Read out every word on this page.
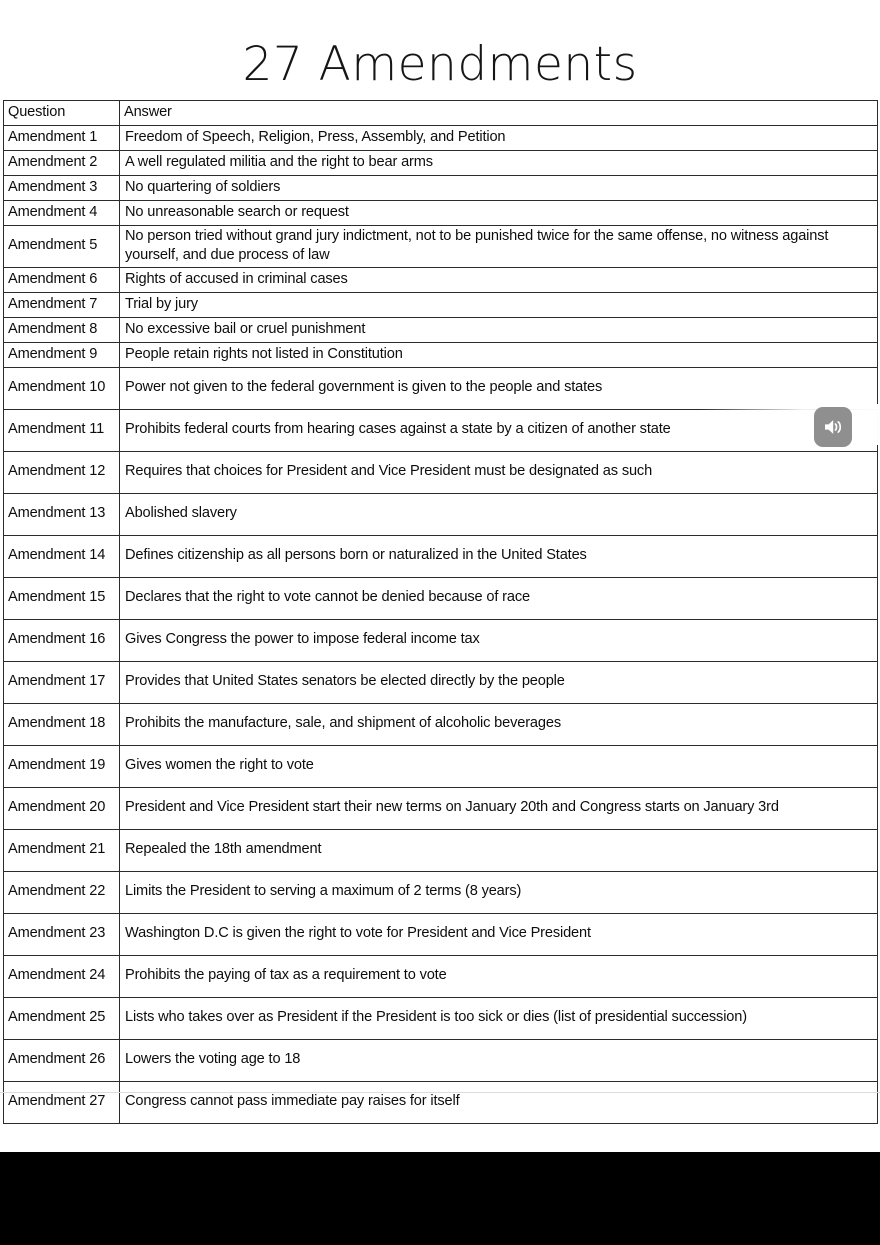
27 Amendments
Question	Answer
Amendment 1	Freedom of Speech, Religion, Press, Assembly, and Petition
Amendment 2	A well regulated militia and the right to bear arms
Amendment 3	No quartering of soldiers
Amendment 4	No unreasonable search or request
Amendment 5	No person tried without grand jury indictment, not to be punished twice for the same offense, no witness against yourself, and due process of law
Amendment 6	Rights of accused in criminal cases
Amendment 7	Trial by jury
Amendment 8	No excessive bail or cruel punishment
Amendment 9	People retain rights not listed in Constitution
Amendment 10	Power not given to the federal government is given to the people and states
Amendment 11	Prohibits federal courts from hearing cases against a state by a citizen of another state
Amendment 12	Requires that choices for President and Vice President must be designated as such
Amendment 13	Abolished slavery
Amendment 14	Defines citizenship as all persons born or naturalized in the United States
Amendment 15	Declares that the right to vote cannot be denied because of race
Amendment 16	Gives Congress the power to impose federal income tax
Amendment 17	Provides that United States senators be elected directly by the people
Amendment 18	Prohibits the manufacture, sale, and shipment of alcoholic beverages
Amendment 19	Gives women the right to vote
Amendment 20	President and Vice President start their new terms on January 20th and Congress starts on January 3rd
Amendment 21	Repealed the 18th amendment
Amendment 22	Limits the President to serving a maximum of 2 terms (8 years)
Amendment 23	Washington D.C is given the right to vote for President and Vice President
Amendment 24	Prohibits the paying of tax as a requirement to vote
Amendment 25	Lists who takes over as President if the President is too sick or dies (list of presidential succession)
Amendment 26	Lowers the voting age to 18
Amendment 27	Congress cannot pass immediate pay raises for itself
